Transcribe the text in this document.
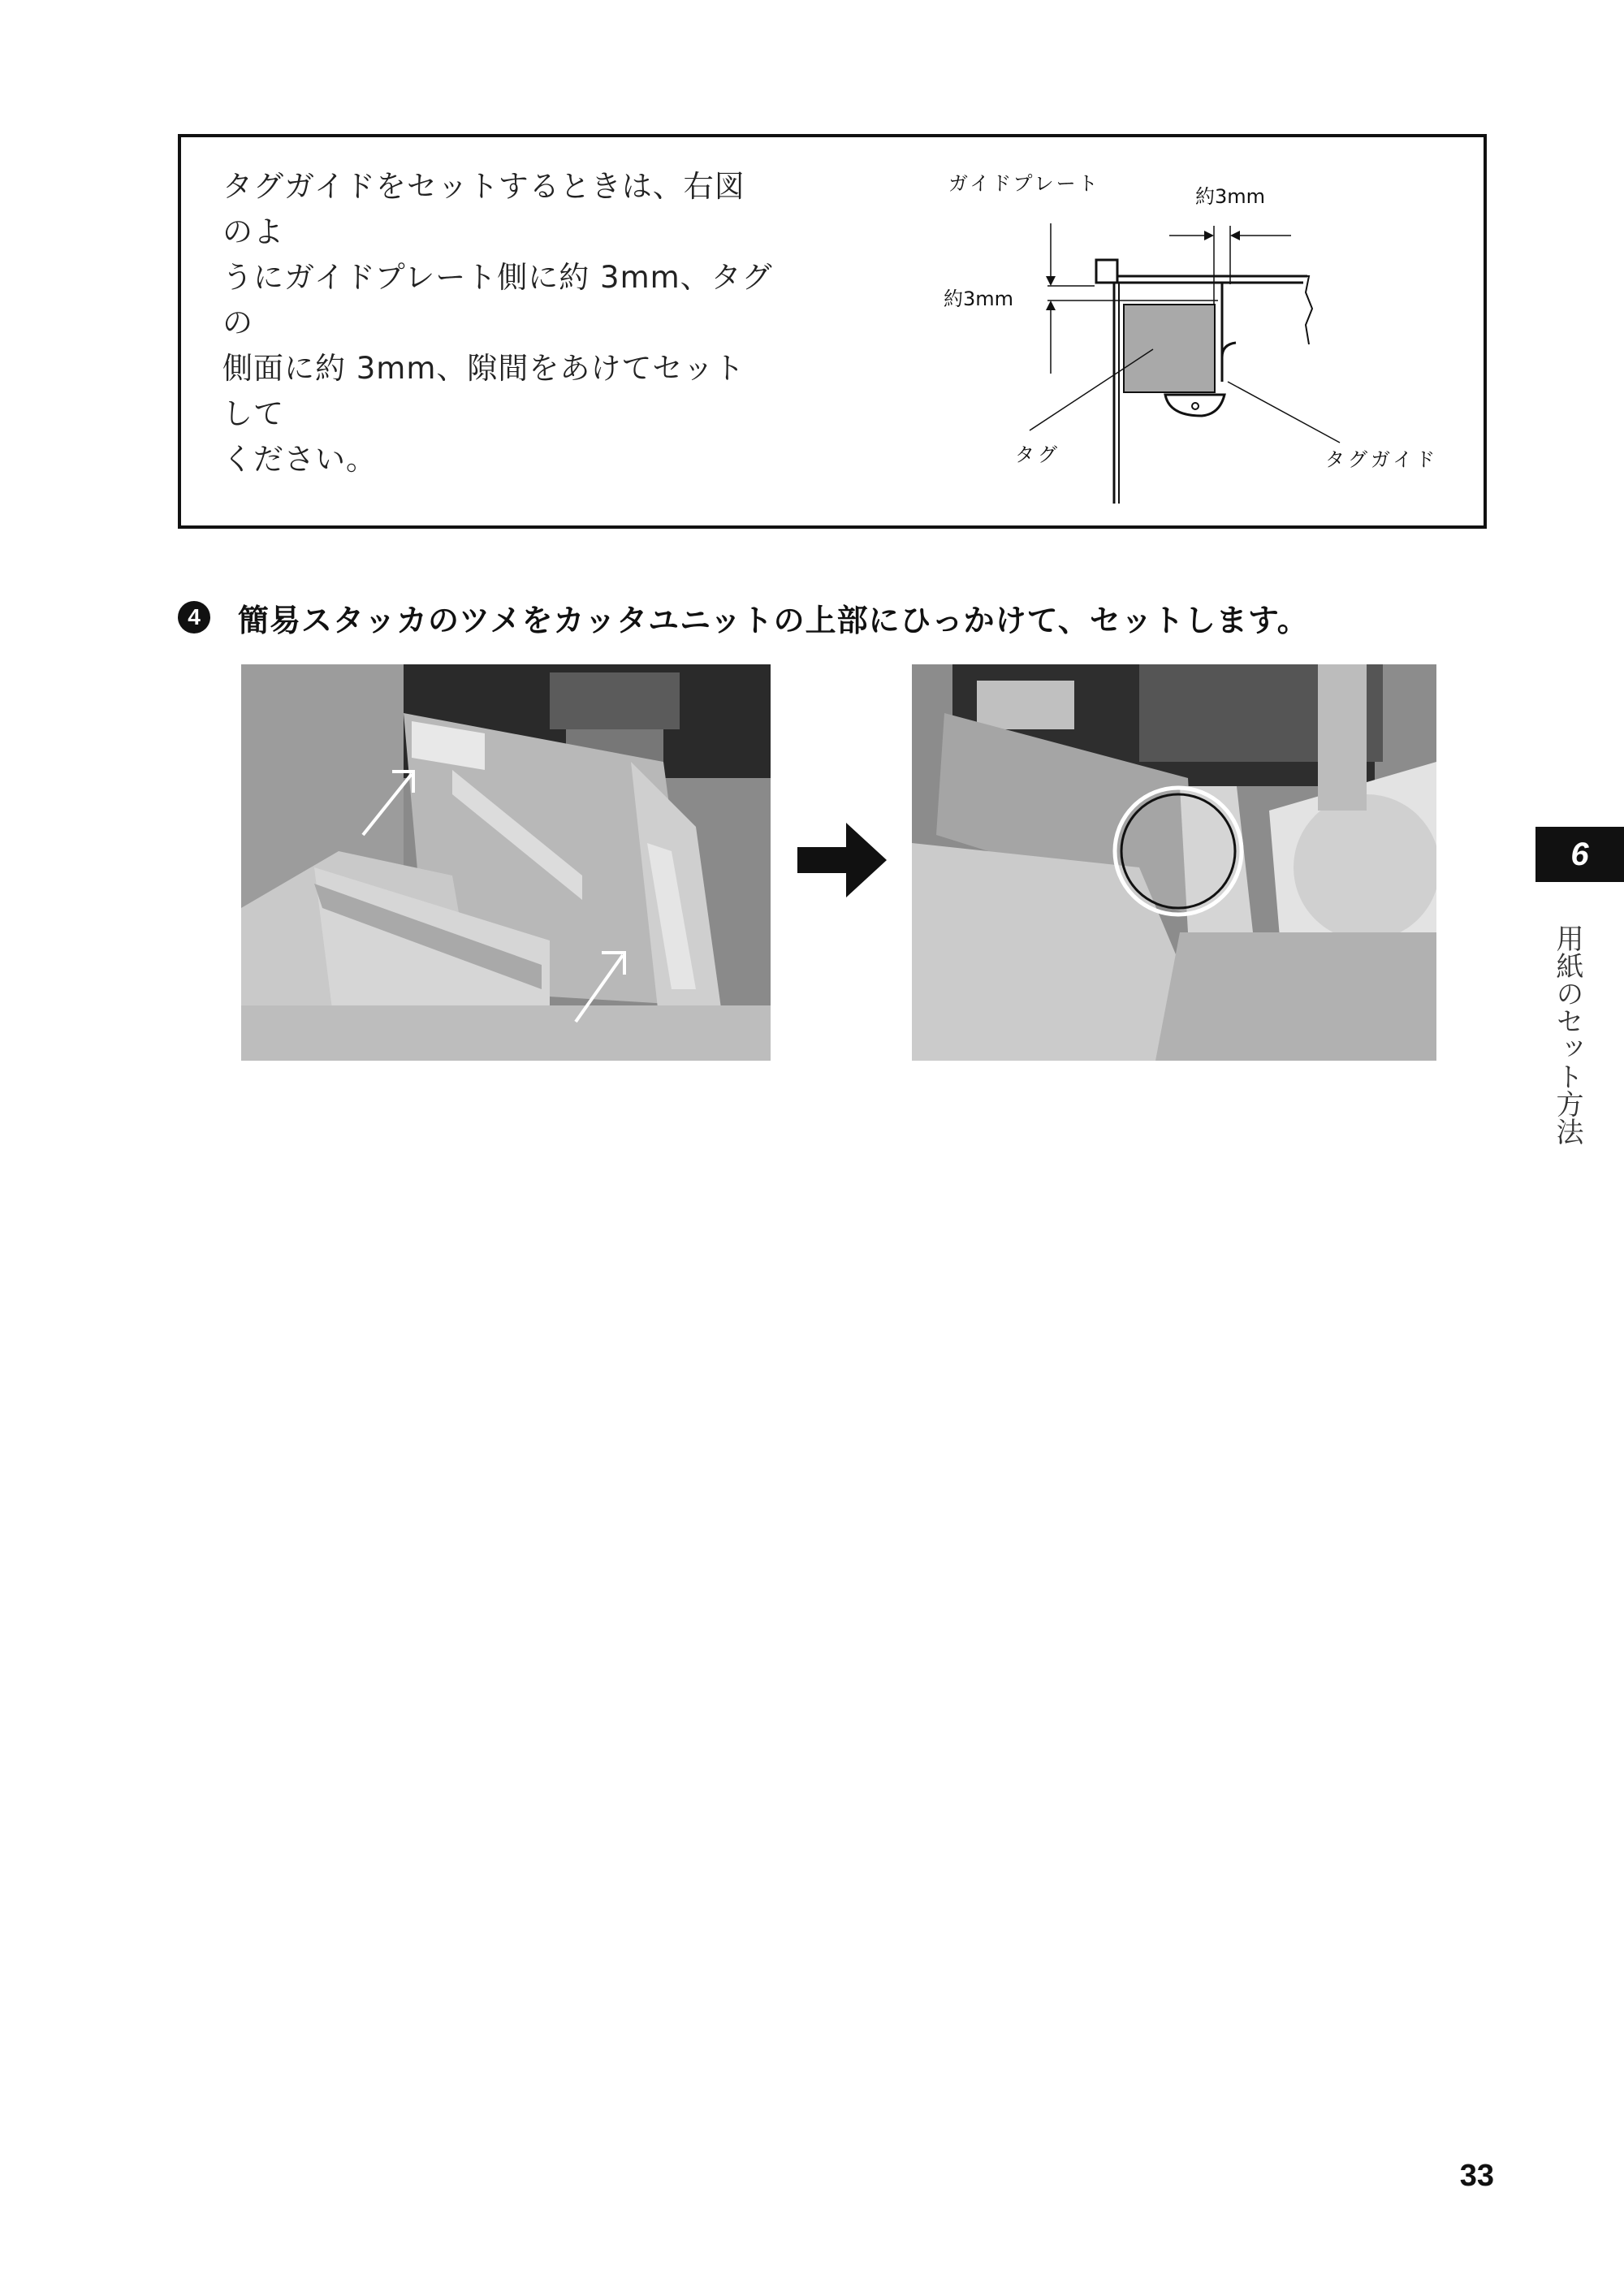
タグガイドをセットするときは、右図のよ
うにガイドプレート側に約 3mm、タグの
側面に約 3mm、隙間をあけてセットして
ください。
ガイドプレート
約3mm
約3mm
タグ	タグガイド
4	簡易スタッカのツメをカッタユニットの上部にひっかけて、セットします。
6
用紙のセット方法
33
